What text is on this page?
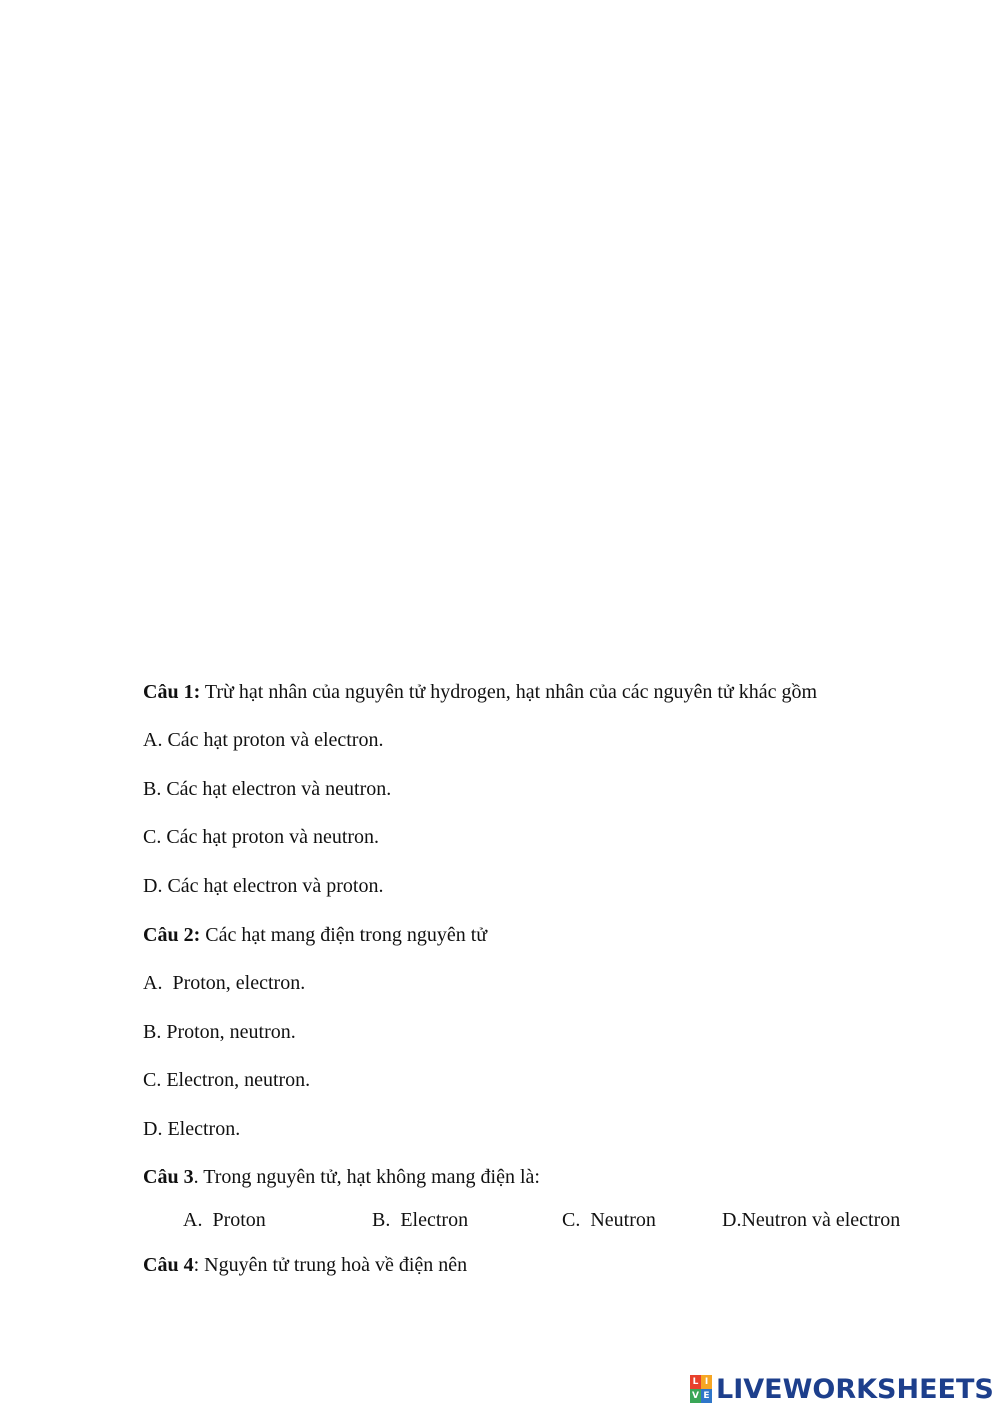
Câu 1: Trừ hạt nhân của nguyên tử hydrogen, hạt nhân của các nguyên tử khác gồm
A. Các hạt proton và electron.
B. Các hạt electron và neutron.
C. Các hạt proton và neutron.
D. Các hạt electron và proton.
Câu 2: Các hạt mang điện trong nguyên tử
A.  Proton, electron.
B. Proton, neutron.
C. Electron, neutron.
D. Electron.
Câu 3. Trong nguyên tử, hạt không mang điện là:
A.  Proton	B.  Electron	C.  Neutron	D.Neutron và electron
Câu 4: Nguyên tử trung hoà về điện nên
L I
V E LIVEWORKSHEETS
